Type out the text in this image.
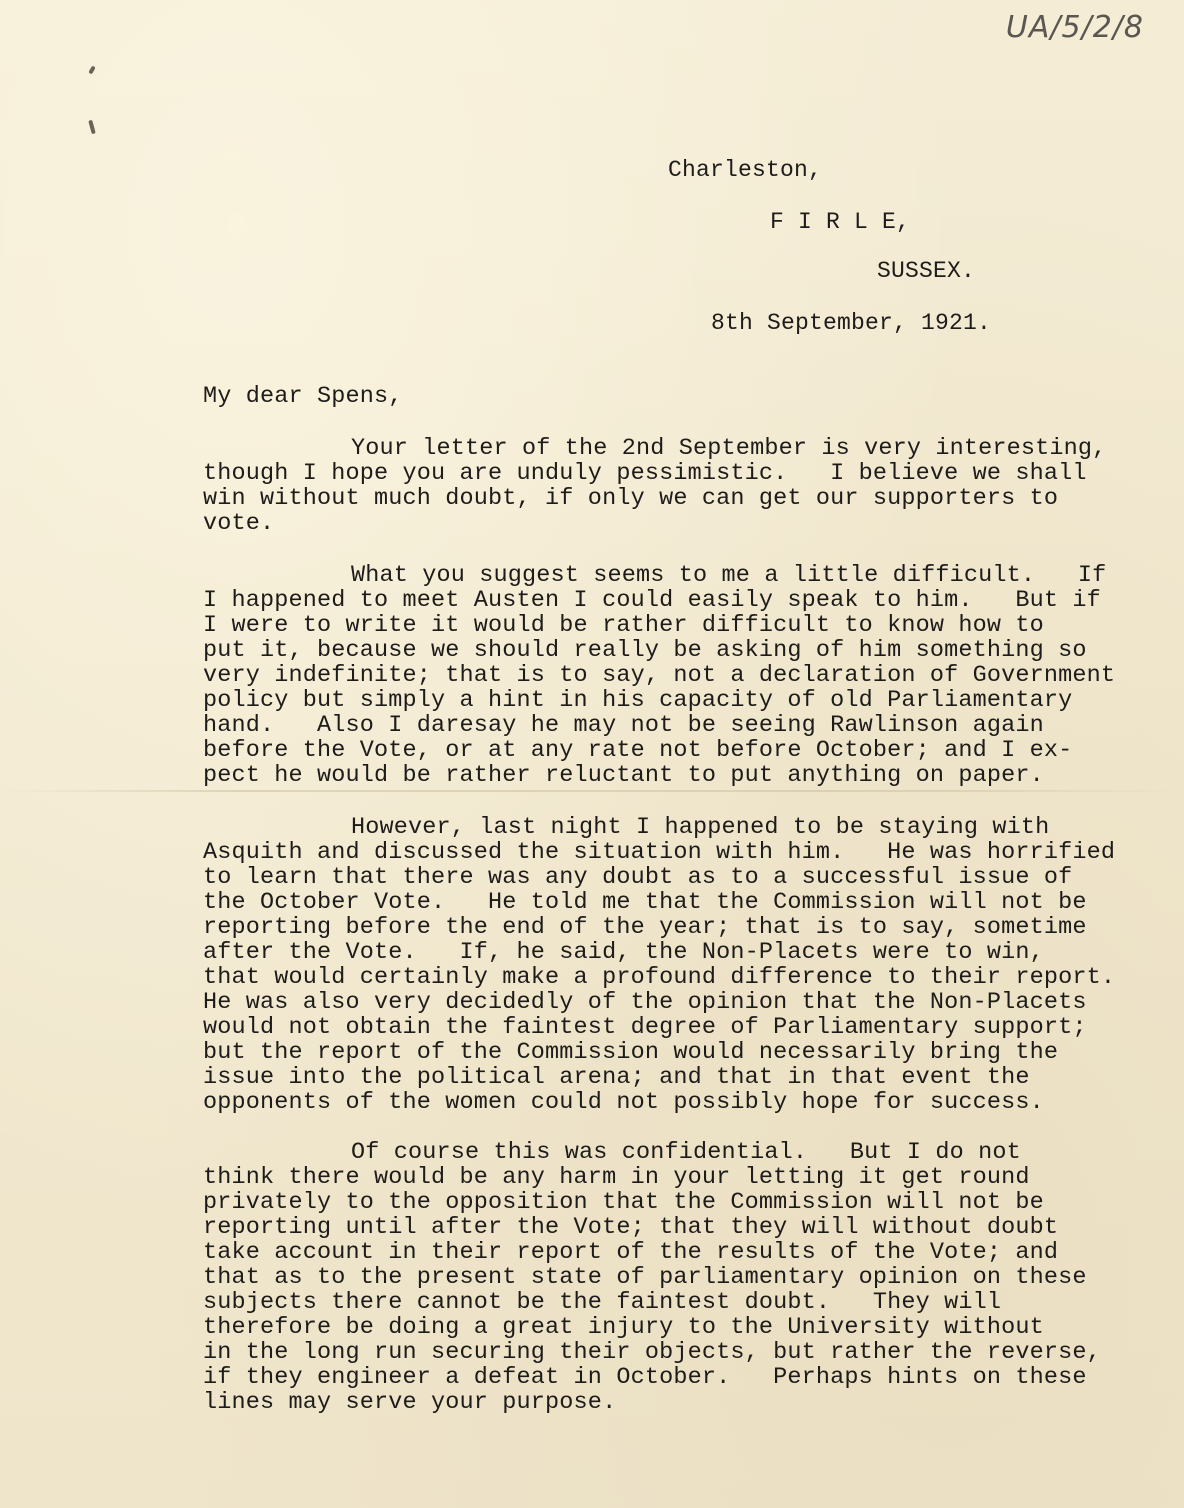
UA/5/2/8
Charleston,
F I R L E,
SUSSEX.
8th September, 1921.
My dear Spens,
Your letter of the 2nd September is very interesting,
though I hope you are unduly pessimistic.   I believe we shall
win without much doubt, if only we can get our supporters to
vote.
What you suggest seems to me a little difficult.   If
I happened to meet Austen I could easily speak to him.   But if
I were to write it would be rather difficult to know how to
put it, because we should really be asking of him something so
very indefinite; that is to say, not a declaration of Government
policy but simply a hint in his capacity of old Parliamentary
hand.   Also I daresay he may not be seeing Rawlinson again
before the Vote, or at any rate not before October; and I ex-
pect he would be rather reluctant to put anything on paper.
However, last night I happened to be staying with
Asquith and discussed the situation with him.   He was horrified
to learn that there was any doubt as to a successful issue of
the October Vote.   He told me that the Commission will not be
reporting before the end of the year; that is to say, sometime
after the Vote.   If, he said, the Non-Placets were to win,
that would certainly make a profound difference to their report.
He was also very decidedly of the opinion that the Non-Placets
would not obtain the faintest degree of Parliamentary support;
but the report of the Commission would necessarily bring the
issue into the political arena; and that in that event the
opponents of the women could not possibly hope for success.
Of course this was confidential.   But I do not
think there would be any harm in your letting it get round
privately to the opposition that the Commission will not be
reporting until after the Vote; that they will without doubt
take account in their report of the results of the Vote; and
that as to the present state of parliamentary opinion on these
subjects there cannot be the faintest doubt.   They will
therefore be doing a great injury to the University without
in the long run securing their objects, but rather the reverse,
if they engineer a defeat in October.   Perhaps hints on these
lines may serve your purpose.
